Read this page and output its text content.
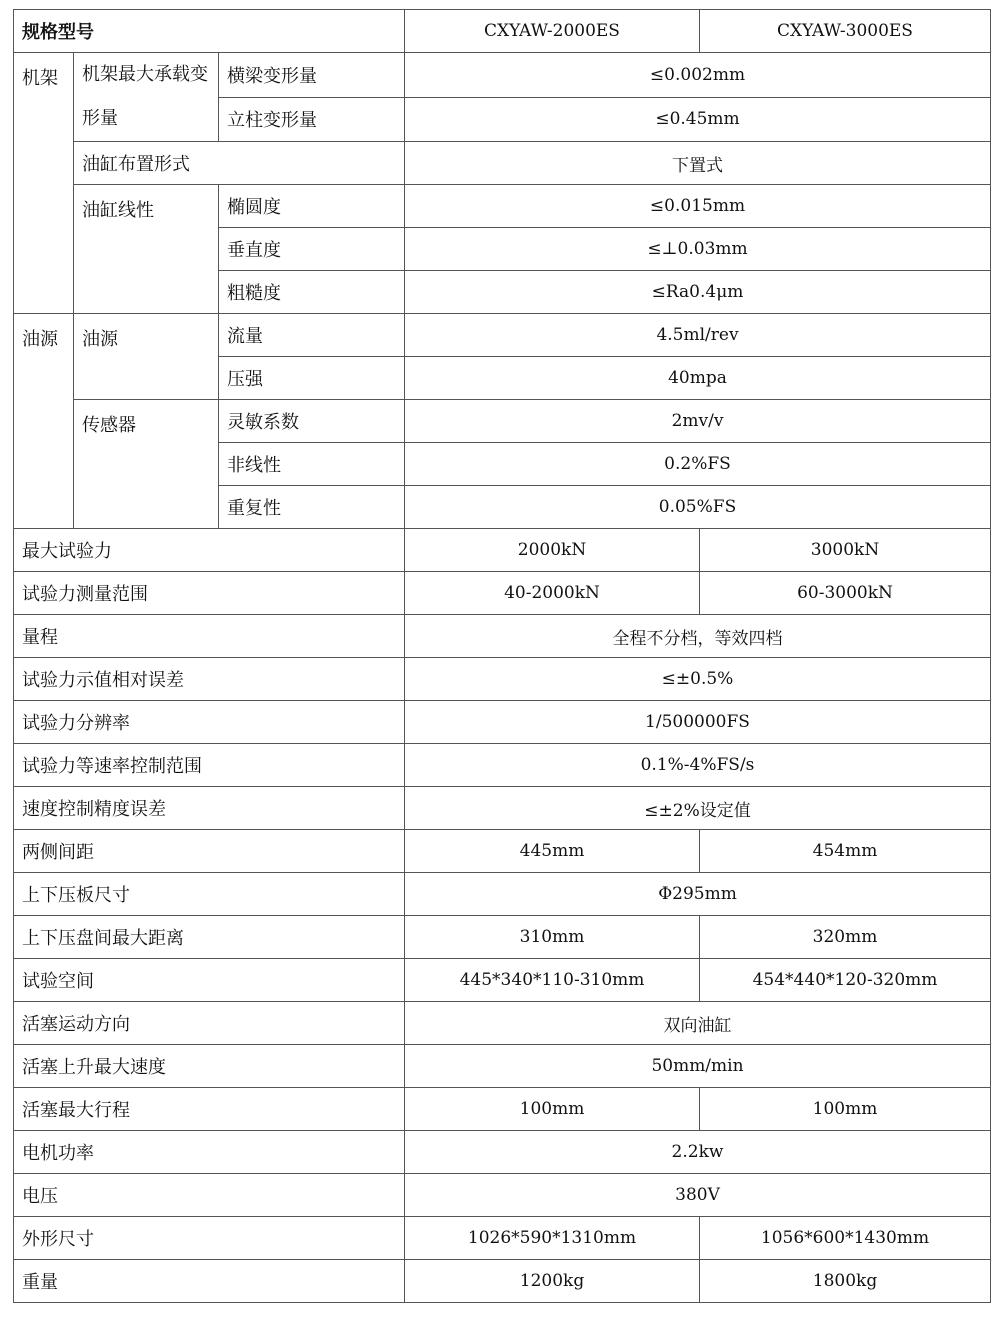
规格型号			CXYAW-2000ES	CXYAW-3000ES
机架	机架最大承载变形量	横梁变形量	≤0.002mm	
		立柱变形量	≤0.45mm	
	油缸布置形式		下置式	
	油缸线性	椭圆度	≤0.015mm	
		垂直度	≤⊥0.03mm	
		粗糙度	≤Ra0.4μm	
油源	油源	流量	4.5ml/rev	
		压强	40mpa	
	传感器	灵敏系数	2mv/v	
		非线性	0.2%FS	
		重复性	0.05%FS	
最大试验力			2000kN	3000kN
试验力测量范围			40-2000kN	60-3000kN
量程			全程不分档，等效四档	
试验力示值相对误差			≤±0.5%	
试验力分辨率			1/500000FS	
试验力等速率控制范围			0.1%-4%FS/s	
速度控制精度误差			≤±2%设定值	
两侧间距			445mm	454mm
上下压板尺寸			Φ295mm	
上下压盘间最大距离			310mm	320mm
试验空间			445*340*110-310mm	454*440*120-320mm
活塞运动方向			双向油缸	
活塞上升最大速度			50mm/min	
活塞最大行程			100mm	100mm
电机功率			2.2kw	
电压			380V	
外形尺寸			1026*590*1310mm	1056*600*1430mm
重量			1200kg	1800kg
